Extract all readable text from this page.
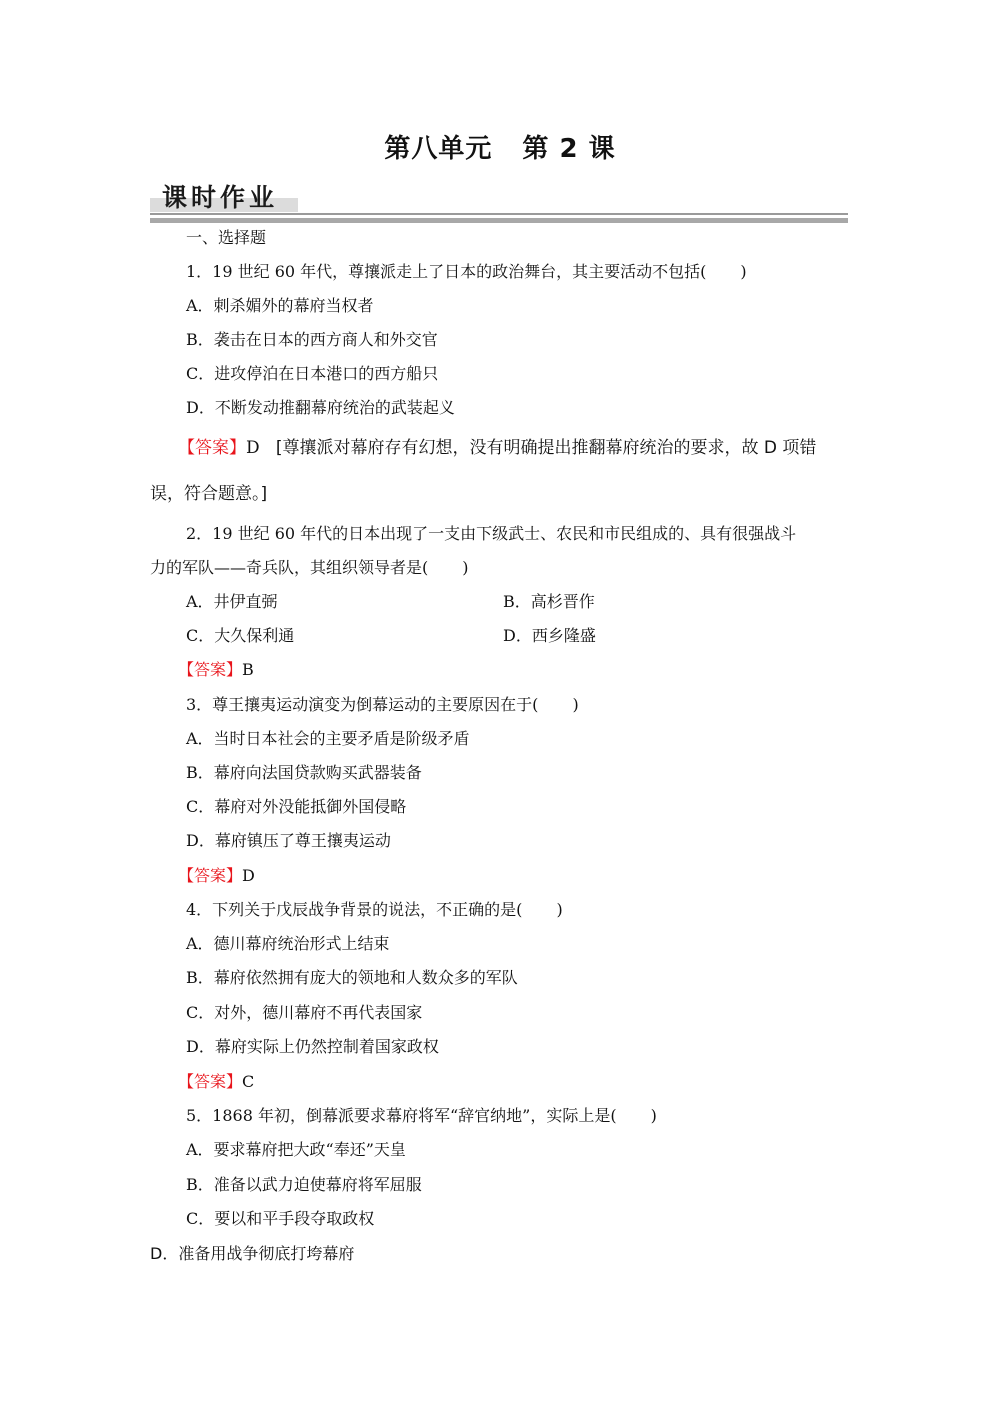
第八单元 第 2 课
课时作业
一、选择题
1．19 世纪 60 年代，尊攘派走上了日本的政治舞台，其主要活动不包括( )
A．刺杀媚外的幕府当权者
B．袭击在日本的西方商人和外交官
C．进攻停泊在日本港口的西方船只
D．不断发动推翻幕府统治的武装起义
【答案】D [尊攘派对幕府存有幻想，没有明确提出推翻幕府统治的要求，故 D 项错
误，符合题意。]
2．19 世纪 60 年代的日本出现了一支由下级武士、农民和市民组成的、具有很强战斗
力的军队——奇兵队，其组织领导者是( )
A．井伊直弼	B．高杉晋作
C．大久保利通	D．西乡隆盛
【答案】B
3．尊王攘夷运动演变为倒幕运动的主要原因在于( )
A．当时日本社会的主要矛盾是阶级矛盾
B．幕府向法国贷款购买武器装备
C．幕府对外没能抵御外国侵略
D．幕府镇压了尊王攘夷运动
【答案】D
4．下列关于戊辰战争背景的说法，不正确的是( )
A．德川幕府统治形式上结束
B．幕府依然拥有庞大的领地和人数众多的军队
C．对外，德川幕府不再代表国家
D．幕府实际上仍然控制着国家政权
【答案】C
5．1868 年初，倒幕派要求幕府将军“辞官纳地”，实际上是( )
A．要求幕府把大政“奉还”天皇
B．准备以武力迫使幕府将军屈服
C．要以和平手段夺取政权
D．准备用战争彻底打垮幕府
